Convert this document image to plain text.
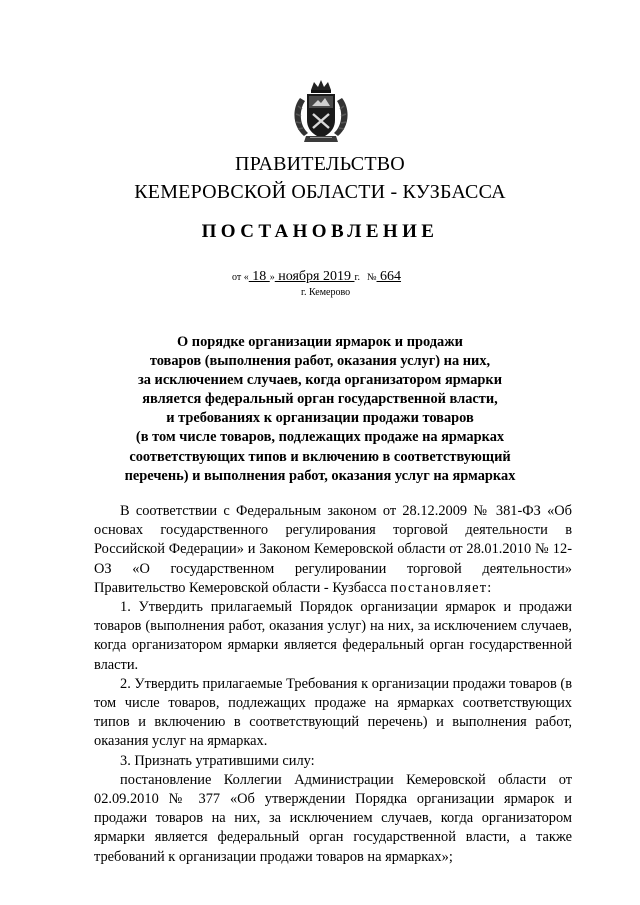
ПРАВИТЕЛЬСТВО
КЕМЕРОВСКОЙ ОБЛАСТИ - КУЗБАССА
ПОСТАНОВЛЕНИЕ
от « 18 » ноября 2019 г. № 664
г. Кемерово
О порядке организации ярмарок и продажи
товаров (выполнения работ, оказания услуг) на них,
за исключением случаев, когда организатором ярмарки
является федеральный орган государственной власти,
и требованиях к организации продажи товаров
(в том числе товаров, подлежащих продаже на ярмарках
соответствующих типов и включению в соответствующий
перечень) и выполнения работ, оказания услуг на ярмарках
В соответствии с Федеральным законом от 28.12.2009 № 381-ФЗ «Об основах государственного регулирования торговой деятельности в Российской Федерации» и Законом Кемеровской области от 28.01.2010 № 12-ОЗ «О государственном регулировании торговой деятельности» Правительство Кемеровской области - Кузбасса постановляет:
1. Утвердить прилагаемый Порядок организации ярмарок и продажи товаров (выполнения работ, оказания услуг) на них, за исключением случаев, когда организатором ярмарки является федеральный орган государственной власти.
2. Утвердить прилагаемые Требования к организации продажи товаров (в том числе товаров, подлежащих продаже на ярмарках соответствующих типов и включению в соответствующий перечень) и выполнения работ, оказания услуг на ярмарках.
3. Признать утратившими силу:
постановление Коллегии Администрации Кемеровской области от 02.09.2010 № 377 «Об утверждении Порядка организации ярмарок и продажи товаров на них, за исключением случаев, когда организатором ярмарки является федеральный орган государственной власти, а также требований к организации продажи товаров на ярмарках»;
